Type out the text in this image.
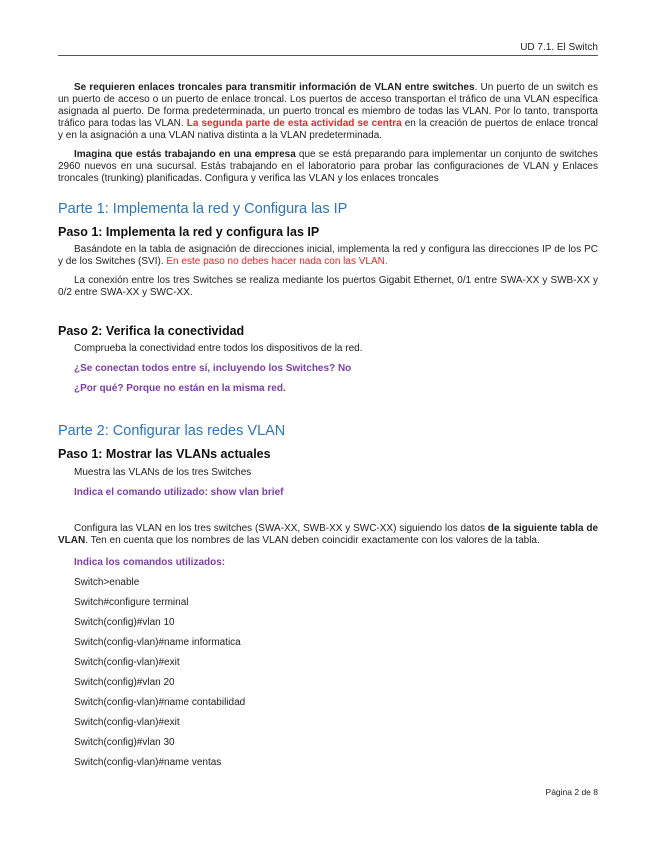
UD 7.1. El Switch

Se requieren enlaces troncales para transmitir información de VLAN entre switches. Un puerto de un switch es un puerto de acceso o un puerto de enlace troncal. Los puertos de acceso transportan el tráfico de una VLAN específica asignada al puerto. De forma predeterminada, un puerto troncal es miembro de todas las VLAN. Por lo tanto, transporta tráfico para todas las VLAN. La segunda parte de esta actividad se centra en la creación de puertos de enlace troncal y en la asignación a una VLAN nativa distinta a la VLAN predeterminada.

Imagina que estás trabajando en una empresa que se está preparando para implementar un conjunto de switches 2960 nuevos en una sucursal. Estás trabajando en el laboratorio para probar las configuraciones de VLAN y Enlaces troncales (trunking) planificadas. Configura y verifica las VLAN y los enlaces troncales

Parte 1: Implementa la red y Configura las IP
Paso 1: Implementa la red y configura las IP

Basándote en la tabla de asignación de direcciones inicial, implementa la red y configura las direcciones IP de los PC y de los Switches (SVI). En este paso no debes hacer nada con las VLAN.

La conexión entre los tres Switches se realiza mediante los puertos Gigabit Ethernet, 0/1 entre SWA-XX y SWB-XX y 0/2 entre SWA-XX y SWC-XX.

Paso 2: Verifica la conectividad

Comprueba la conectividad entre todos los dispositivos de la red.

¿Se conectan todos entre sí, incluyendo los Switches? No

¿Por qué? Porque no están en la misma red.

Parte 2: Configurar las redes VLAN
Paso 1: Mostrar las VLANs actuales

Muestra las VLANs de los tres Switches

Indica el comando utilizado: show vlan brief

Configura las VLAN en los tres switches (SWA-XX, SWB-XX y SWC-XX) siguiendo los datos de la siguiente tabla de VLAN. Ten en cuenta que los nombres de las VLAN deben coincidir exactamente con los valores de la tabla.

Indica los comandos utilizados:

Switch>enable

Switch#configure terminal

Switch(config)#vlan 10

Switch(config-vlan)#name informatica

Switch(config-vlan)#exit

Switch(config)#vlan 20

Switch(config-vlan)#name contabilidad

Switch(config-vlan)#exit

Switch(config)#vlan 30

Switch(config-vlan)#name ventas

Página 2 de 8
